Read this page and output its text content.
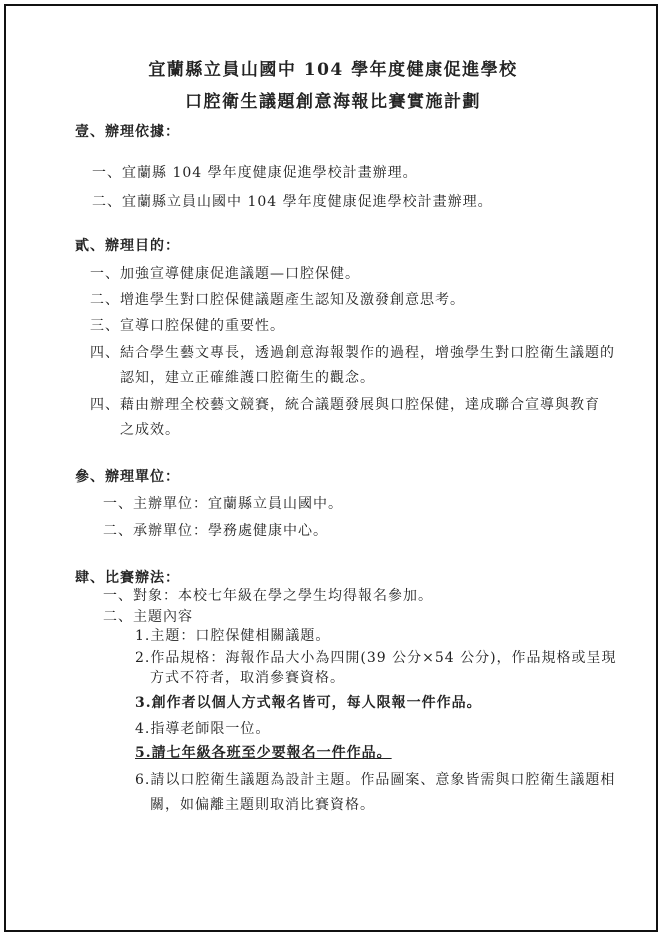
宜蘭縣立員山國中 104 學年度健康促進學校
口腔衛生議題創意海報比賽實施計劃
壹、辦理依據：
一、宜蘭縣 104 學年度健康促進學校計畫辦理。
二、宜蘭縣立員山國中 104 學年度健康促進學校計畫辦理。
貳、辦理目的：
一、加強宣導健康促進議題—口腔保健。
二、增進學生對口腔保健議題產生認知及激發創意思考。
三、宣導口腔保健的重要性。
四、結合學生藝文專長，透過創意海報製作的過程，增強學生對口腔衛生議題的
認知，建立正確維護口腔衛生的觀念。
四、藉由辦理全校藝文競賽，統合議題發展與口腔保健，達成聯合宣導與教育
之成效。
參、辦理單位：
一、主辦單位：宜蘭縣立員山國中。
二、承辦單位：學務處健康中心。
肆、比賽辦法：
一、對象：本校七年級在學之學生均得報名參加。
二、主題內容
1.主題：口腔保健相關議題。
2.作品規格：海報作品大小為四開(39 公分×54 公分)，作品規格或呈現
方式不符者，取消參賽資格。
3.創作者以個人方式報名皆可，每人限報一件作品。
4.指導老師限一位。
5.請七年級各班至少要報名一件作品。
6.請以口腔衛生議題為設計主題。作品圖案、意象皆需與口腔衛生議題相
關，如偏離主題則取消比賽資格。
